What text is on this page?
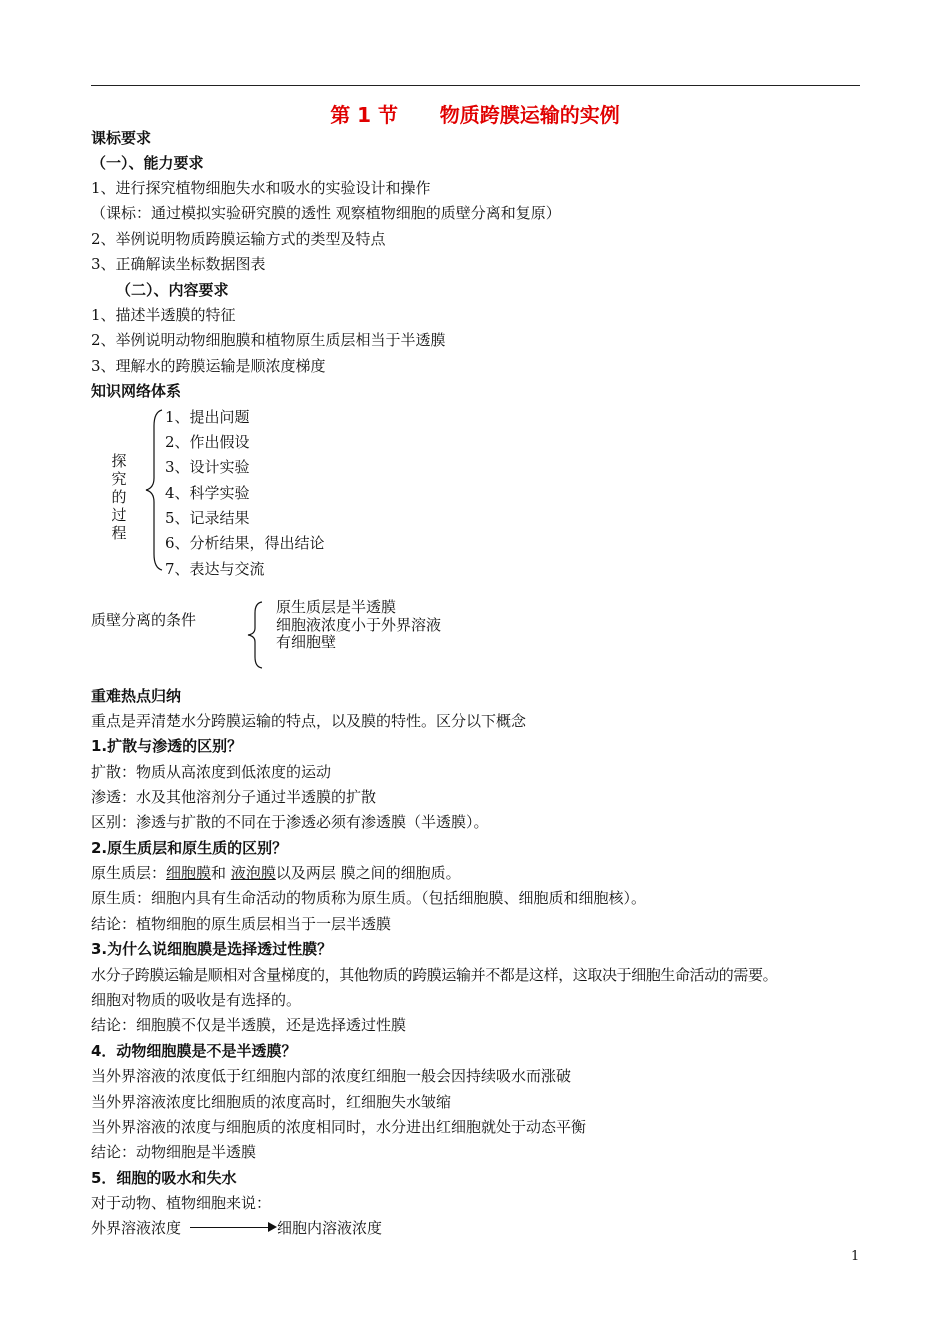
第 1 节      物质跨膜运输的实例
课标要求
（一）、能力要求
1、进行探究植物细胞失水和吸水的实验设计和操作
（课标：通过模拟实验研究膜的透性 观察植物细胞的质壁分离和复原）
2、举例说明物质跨膜运输方式的类型及特点
3、正确解读坐标数据图表
（二）、内容要求
1、描述半透膜的特征
2、举例说明动物细胞膜和植物原生质层相当于半透膜
3、理解水的跨膜运输是顺浓度梯度
知识网络体系
探
究
的
过
程
1、提出问题
2、作出假设
3、设计实验
4、科学实验
5、记录结果
6、分析结果，得出结论
7、表达与交流
质壁分离的条件
原生质层是半透膜
细胞液浓度小于外界溶液
有细胞壁
重难热点归纳
重点是弄清楚水分跨膜运输的特点，以及膜的特性。区分以下概念
1.扩散与渗透的区别？
扩散：物质从高浓度到低浓度的运动
渗透：水及其他溶剂分子通过半透膜的扩散
区别：渗透与扩散的不同在于渗透必须有渗透膜（半透膜）。
2.原生质层和原生质的区别？
原生质层：细胞膜和 液泡膜以及两层 膜之间的细胞质。
原生质：细胞内具有生命活动的物质称为原生质。（包括细胞膜、细胞质和细胞核）。
结论：植物细胞的原生质层相当于一层半透膜
3.为什么说细胞膜是选择透过性膜？
水分子跨膜运输是顺相对含量梯度的，其他物质的跨膜运输并不都是这样，这取决于细胞生命活动的需要。
细胞对物质的吸收是有选择的。
结论：细胞膜不仅是半透膜，还是选择透过性膜
4．动物细胞膜是不是半透膜？
当外界溶液的浓度低于红细胞内部的浓度红细胞一般会因持续吸水而涨破
当外界溶液浓度比细胞质的浓度高时，红细胞失水皱缩
当外界溶液的浓度与细胞质的浓度相同时，水分进出红细胞就处于动态平衡
结论：动物细胞是半透膜
5．细胞的吸水和失水
对于动物、植物细胞来说：
外界溶液浓度	细胞内溶液浓度
1
